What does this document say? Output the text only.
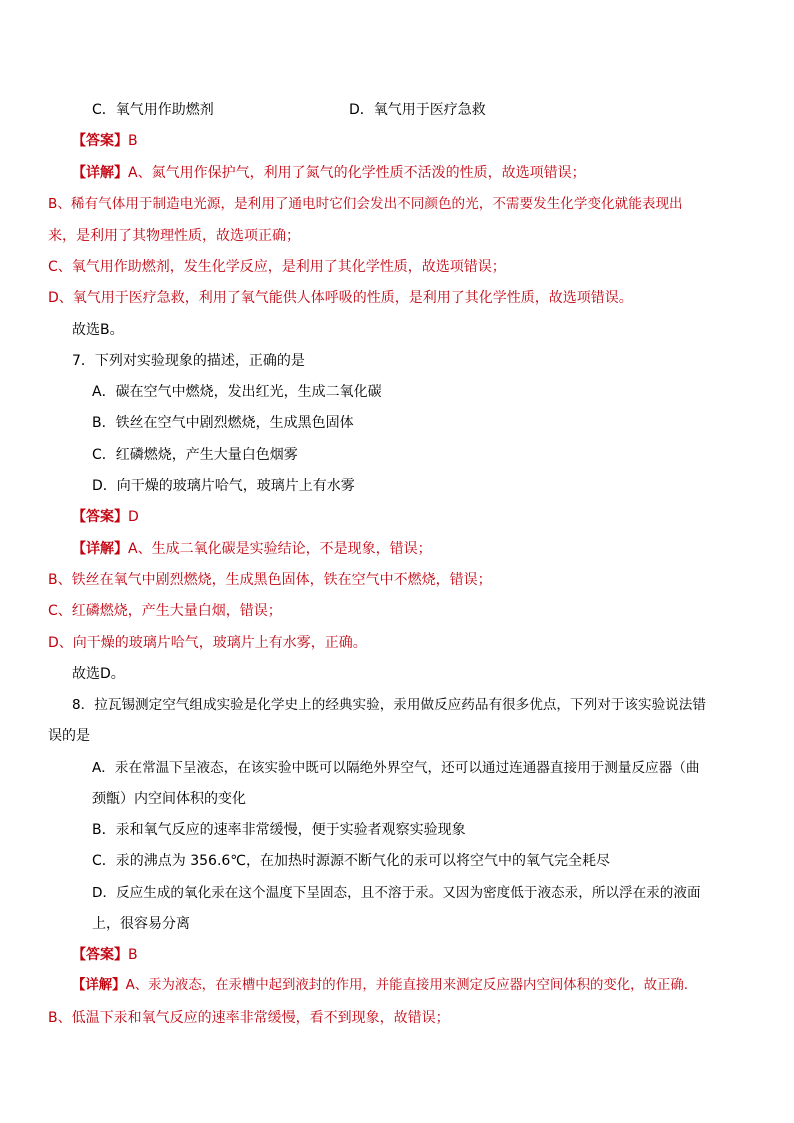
C．氧气用作助燃剂	D．氧气用于医疗急救
【答案】B
【详解】A、氮气用作保护气，利用了氮气的化学性质不活泼的性质，故选项错误；
B、稀有气体用于制造电光源，是利用了通电时它们会发出不同颜色的光，不需要发生化学变化就能表现出
来，是利用了其物理性质，故选项正确；
C、氧气用作助燃剂，发生化学反应，是利用了其化学性质，故选项错误；
D、氧气用于医疗急救，利用了氧气能供人体呼吸的性质，是利用了其化学性质，故选项错误。
故选B。
7．下列对实验现象的描述，正确的是
A．碳在空气中燃烧，发出红光，生成二氧化碳
B．铁丝在空气中剧烈燃烧，生成黑色固体
C．红磷燃烧，产生大量白色烟雾
D．向干燥的玻璃片哈气，玻璃片上有水雾
【答案】D
【详解】A、生成二氧化碳是实验结论，不是现象，错误；
B、铁丝在氧气中剧烈燃烧，生成黑色固体，铁在空气中不燃烧，错误；
C、红磷燃烧，产生大量白烟，错误；
D、向干燥的玻璃片哈气，玻璃片上有水雾，正确。
故选D。
8．拉瓦锡测定空气组成实验是化学史上的经典实验，汞用做反应药品有很多优点，下列对于该实验说法错
误的是
A．汞在常温下呈液态，在该实验中既可以隔绝外界空气，还可以通过连通器直接用于测量反应器（曲
颈甑）内空间体积的变化
B．汞和氧气反应的速率非常缓慢，便于实验者观察实验现象
C．汞的沸点为 356.6℃，在加热时源源不断气化的汞可以将空气中的氧气完全耗尽
D．反应生成的氧化汞在这个温度下呈固态，且不溶于汞。又因为密度低于液态汞，所以浮在汞的液面
上，很容易分离
【答案】B
【详解】A、汞为液态，在汞槽中起到液封的作用，并能直接用来测定反应器内空间体积的变化，故正确.
B、低温下汞和氧气反应的速率非常缓慢，看不到现象，故错误；
